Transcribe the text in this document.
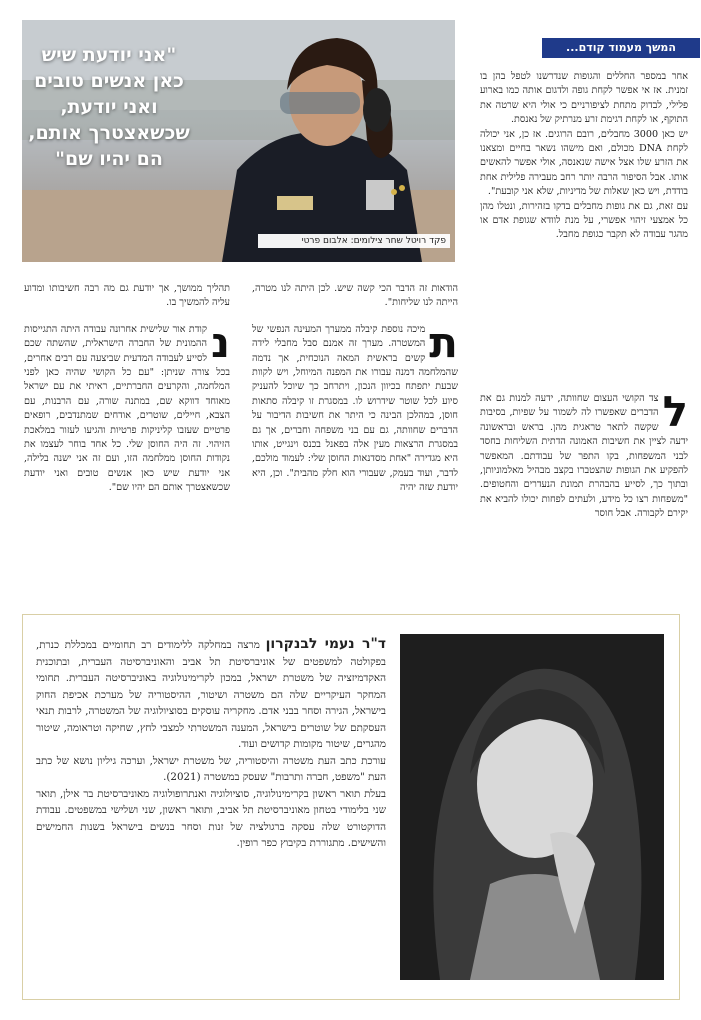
המשך מעמוד קודם...
"אני יודעת שיש כאן אנשים טובים ואני יודעת, שכשאצטרך אותם, הם יהיו שם"
פקד רויטל שחר צילומים: אלבום פרטי

אחר במספר החללים והגופות שנדרשנו לטפל בהן בו זמנית. אז אי אפשר לקחת גופה ולדגום אותה כמו בארוע פלילי, לבדוק מתחת לציפורניים כי אולי היא שרטה את התוקף, או לקחת דגימת זרע מנרתיק של נאנסת.
יש כאן 3000 מחבלים, רובם הרוגים. אז כן, אני יכולה לקחת DNA מכולם, ואם מישהו נשאר בחיים ומצאנו את הזרע שלו אצל אישה שנאנסה, אולי אפשר להאשים אותו. אבל הסיפור הרבה יותר רחב מעבירה פלילית אחת בודדת, ויש כאן שאלות של מדיניות, שלא אני קובעת".
עם זאת, גם את גופות מחבלים בדקו בזהירות, ונטלו מהן כל אמצעי זיהוי אפשרי, על מנת לוודא שגופת אדם או מהגר עבודה לא תקבר כגופת מחבל.

ל
צד הקושי העצום שחוותה, ידעה למנות גם את הדברים שאפשרו לה לשמור על שפיות, בסיבות שקשה לתאר טראגית מהן. בראש ובראשונה ידעה לציין את חשיבות האמונה הדתית השליחות בחסד לבני המשפחות, בקו התפר של עבודתם. המאפשר להפקיע את הגופות שהצטברו בקצב מבהיל מאלמוניותן, ובתוך כך, לסייע בהבהרת תמונת הנעדרים והחטופים. "משפחות רצו כל מידע, ולעתים לפחות יכולו להביא את יקירם לקבורה. אבל חוסר

הודאות זה הדבר הכי קשה שיש. לכן היתה לנו מטרה, הייתה לנו שליחות".

ת
מיכה נוספת קיבלה ממערך המעינה הנפשי של המשטרה. מערך זה אמנם סבל מחבלי לידה קשים בראשית המאה הנוכחית, אך נדמה שהמלחמה דמנה עבורו את המפנה המיוחל, ויש לקוות שבעת יתפתח בכיוון הנכון, ויתרחב כך שיוכל להעניק סיוע לכל שוטר שידרוש לו. במסגרת זו קיבלה סתאות חוסן, במהלכן הבינה כי היתר את חשיבות הדיבור על הדברים שחוותה, גם עם בני משפחה וחברים, אך גם במסגרת הרצאות מעין אלה בפאנל בכנס וינגייט, אותו היא מגדירה "אחת מסדנאות החוסן שלי: לעמוד מולכם, לדבר, ועוד בעמק, שעבורי הוא חלק מהבית". וכן, היא יודעת שזה יהיה

תהליך ממושך, אך יודעת גם מה רבה חשיבותו ומדוע עליה להמשיך בו.

נ
קודת אור שלישית אחרונה עבודה היתה התגייסות ההמונית של החברה הישראלית, שהשתה שכם לסייע לעבודה המדעית שביצעה עם רבים אחרים, בכל צורה שניתן: "עם כל הקושי שהיה כאן לפני המלחמה, והקרעים החברתיים, ראיתי את עם ישראל מאוחד דווקא שם, במתנה שורה, עם הרבנות, עם הצבא, חיילים, שוטרים, אודחים שמתנדבים, רופאים פרטיים שעזבו קליניקות פרטיות והגיעו לעזור במלאכת הזיהוי. זה היה החוסן שלי. כל אחד בוחר לעצמו את נקודות החוסן ממלחמה הזו, ועם זה אני ישנה בלילה, אני יודעת שיש כאן אנשים טובים ואני יודעת שכשאצטרך אותם הם יהיו שם".

ד"ר נעמי לבנקרון מרצה במחלקה ללימודים רב תחומיים במכללת כנרת, בפקולטה למשפטים של אוניברסיטת תל אביב והאוניברסיטה העברית, ובתוכנית האקדמיזציה של משטרת ישראל, במכון לקרימינולוגיה באוניברסיטה העברית. תחומי המחקר העיקריים שלה הם משטרה ושיטור, ההיסטוריה של מערכת אכיפת החוק בישראל, הגירה וסחר בבני אדם. מחקריה עוסקים בסוציולוגיה של המשטרה, לרבות תנאי העסקתם של שוטרים בישראל, המענה המשטרתי למצבי לחץ, שחיקה וטראומה, שיטור מהגרים, שיטור מקומות קדושים ועוד.

עורכת כתב העת משטרה והיסטוריה, של משטרת ישראל, וערכה גיליון נושא של כתב העת "משפט, חברה ותרבות" שעסק במשטרה (2021).

בעלת תואר ראשון בקרימינולוגיה, סוציולוגיה ואנתרופולוגיה מאוניברסיטת בר אילן, תואר שני בלימודי בטחון מאוניברסיטת תל אביב, ותואר ראשון, שני ושלישי במשפטים. עבודת הדוקטורט שלה עסקה ברגולציה של זנות וסחר בנשים בישראל בשנות החמישים והשישים. מתגוררת בקיבוץ כפר רופין.
